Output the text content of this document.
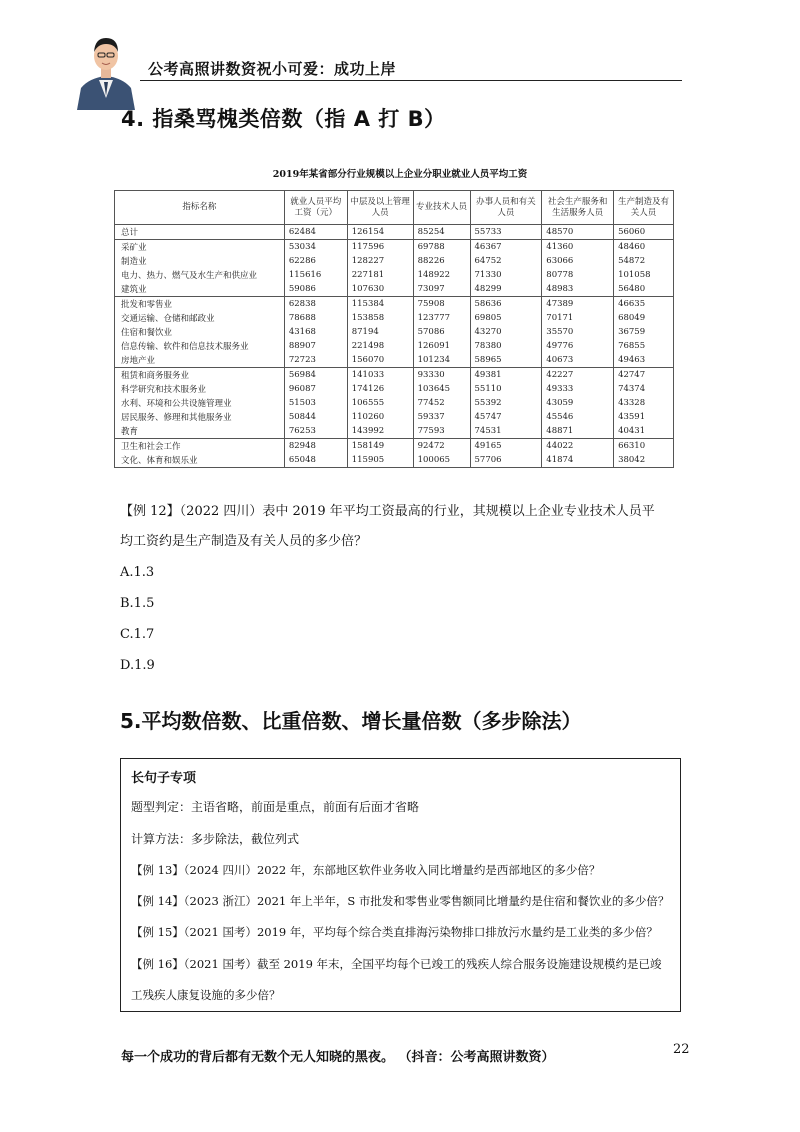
公考高照讲数资祝小可爱：成功上岸
4. 指桑骂槐类倍数（指 A 打 B）
2019年某省部分行业规模以上企业分职业就业人员平均工资
指标名称	就业人员平均工资（元）	中层及以上管理人员	专业技术人员	办事人员和有关人员	社会生产服务和生活服务人员	生产制造及有关人员
总计	62484	126154	85254	55733	48570	56060
采矿业	53034	117596	69788	46367	41360	48460
制造业	62286	128227	88226	64752	63066	54872
电力、热力、燃气及水生产和供应业	115616	227181	148922	71330	80778	101058
建筑业	59086	107630	73097	48299	48983	56480
批发和零售业	62838	115384	75908	58636	47389	46635
交通运输、仓储和邮政业	78688	153858	123777	69805	70171	68049
住宿和餐饮业	43168	87194	57086	43270	35570	36759
信息传输、软件和信息技术服务业	88907	221498	126091	78380	49776	76855
房地产业	72723	156070	101234	58965	40673	49463
租赁和商务服务业	56984	141033	93330	49381	42227	42747
科学研究和技术服务业	96087	174126	103645	55110	49333	74374
水利、环境和公共设施管理业	51503	106555	77452	55392	43059	43328
居民服务、修理和其他服务业	50844	110260	59337	45747	45546	43591
教育	76253	143992	77593	74531	48871	40431
卫生和社会工作	82948	158149	92472	49165	44022	66310
文化、体育和娱乐业	65048	115905	100065	57706	41874	38042
【例 12】（2022 四川）表中 2019 年平均工资最高的行业，其规模以上企业专业技术人员平
均工资约是生产制造及有关人员的多少倍？
A.1.3
B.1.5
C.1.7
D.1.9
5.平均数倍数、比重倍数、增长量倍数（多步除法）
长句子专项
题型判定：主语省略，前面是重点，前面有后面才省略
计算方法：多步除法，截位列式
【例 13】（2024 四川）2022 年，东部地区软件业务收入同比增量约是西部地区的多少倍？
【例 14】（2023 浙江）2021 年上半年，S 市批发和零售业零售额同比增量约是住宿和餐饮业的多少倍？
【例 15】（2021 国考）2019 年，平均每个综合类直排海污染物排口排放污水量约是工业类的多少倍？
【例 16】（2021 国考）截至 2019 年末，全国平均每个已竣工的残疾人综合服务设施建设规模约是已竣
工残疾人康复设施的多少倍？
每一个成功的背后都有无数个无人知晓的黑夜。 （抖音：公考高照讲数资）
22
